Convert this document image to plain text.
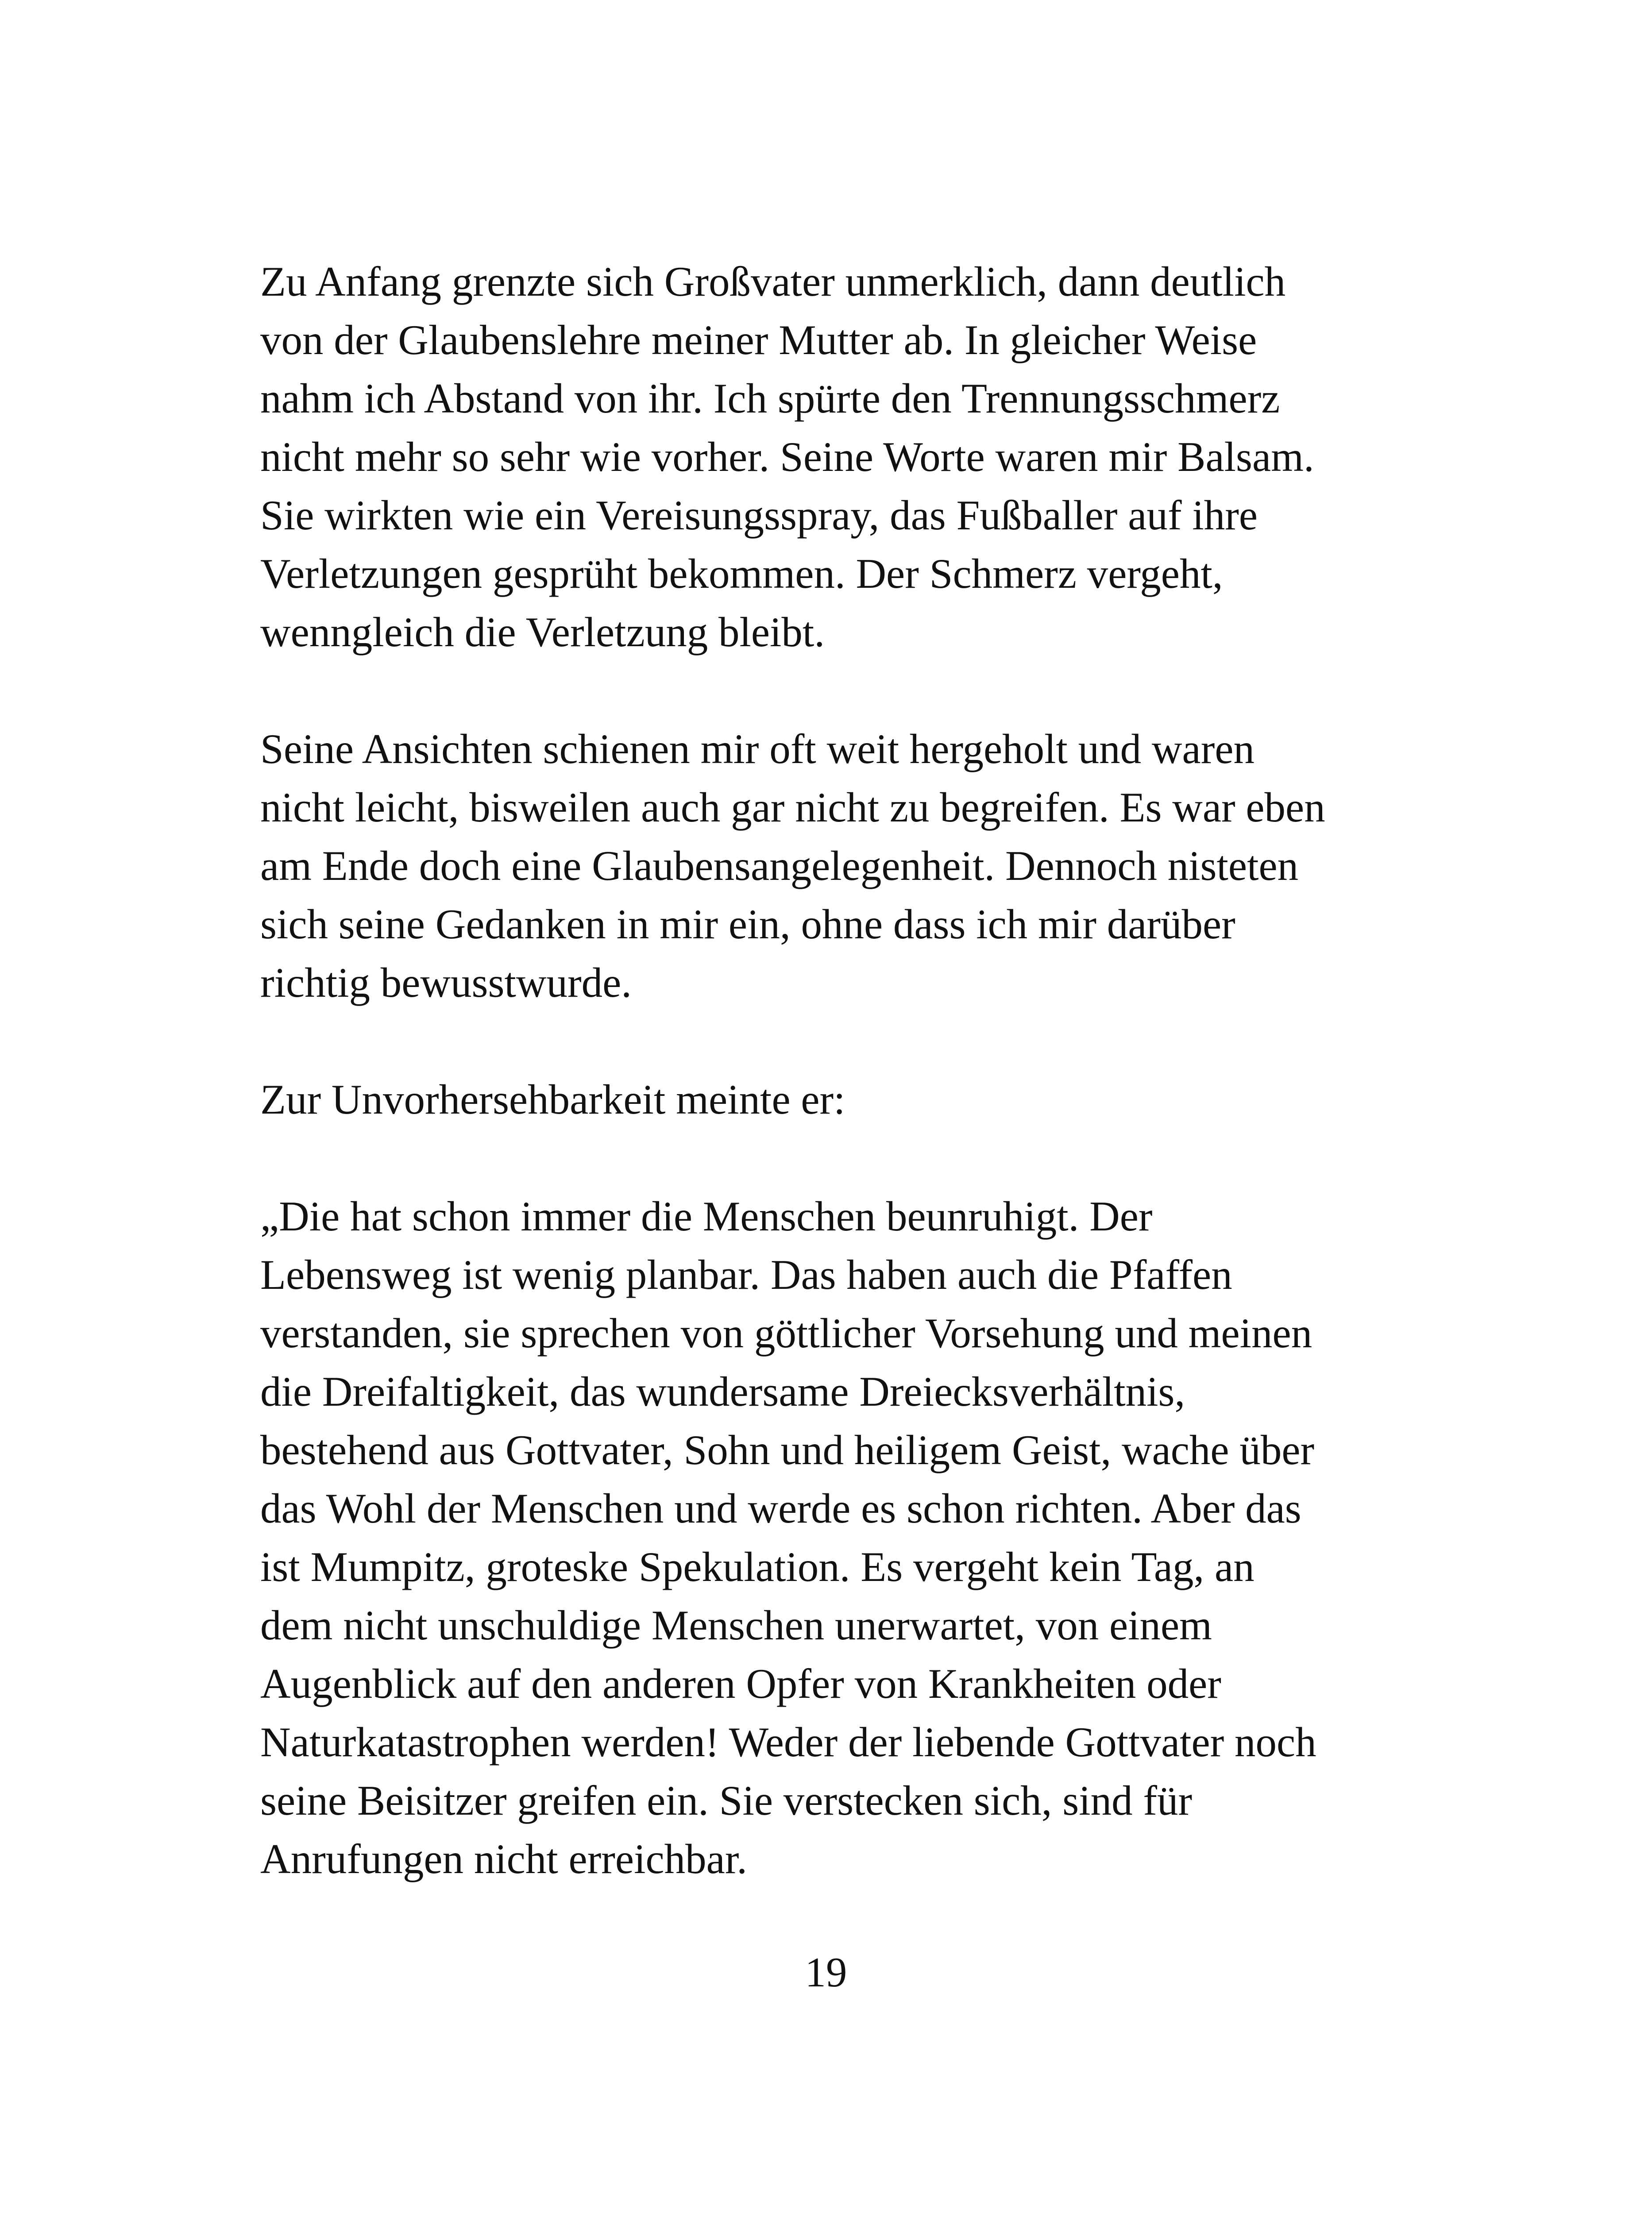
Zu Anfang grenzte sich Großvater unmerklich, dann deutlich
von der Glaubenslehre meiner Mutter ab. In gleicher Weise
nahm ich Abstand von ihr. Ich spürte den Trennungsschmerz
nicht mehr so sehr wie vorher. Seine Worte waren mir Balsam.
Sie wirkten wie ein Vereisungsspray, das Fußballer auf ihre
Verletzungen gesprüht bekommen. Der Schmerz vergeht,
wenngleich die Verletzung bleibt.

Seine Ansichten schienen mir oft weit hergeholt und waren
nicht leicht, bisweilen auch gar nicht zu begreifen. Es war eben
am Ende doch eine Glaubensangelegenheit. Dennoch nisteten
sich seine Gedanken in mir ein, ohne dass ich mir darüber
richtig bewusstwurde.

Zur Unvorhersehbarkeit meinte er:

„Die hat schon immer die Menschen beunruhigt. Der
Lebensweg ist wenig planbar. Das haben auch die Pfaffen
verstanden, sie sprechen von göttlicher Vorsehung und meinen
die Dreifaltigkeit, das wundersame Dreiecksverhältnis,
bestehend aus Gottvater, Sohn und heiligem Geist, wache über
das Wohl der Menschen und werde es schon richten. Aber das
ist Mumpitz, groteske Spekulation. Es vergeht kein Tag, an
dem nicht unschuldige Menschen unerwartet, von einem
Augenblick auf den anderen Opfer von Krankheiten oder
Naturkatastrophen werden! Weder der liebende Gottvater noch
seine Beisitzer greifen ein. Sie verstecken sich, sind für
Anrufungen nicht erreichbar.

19
